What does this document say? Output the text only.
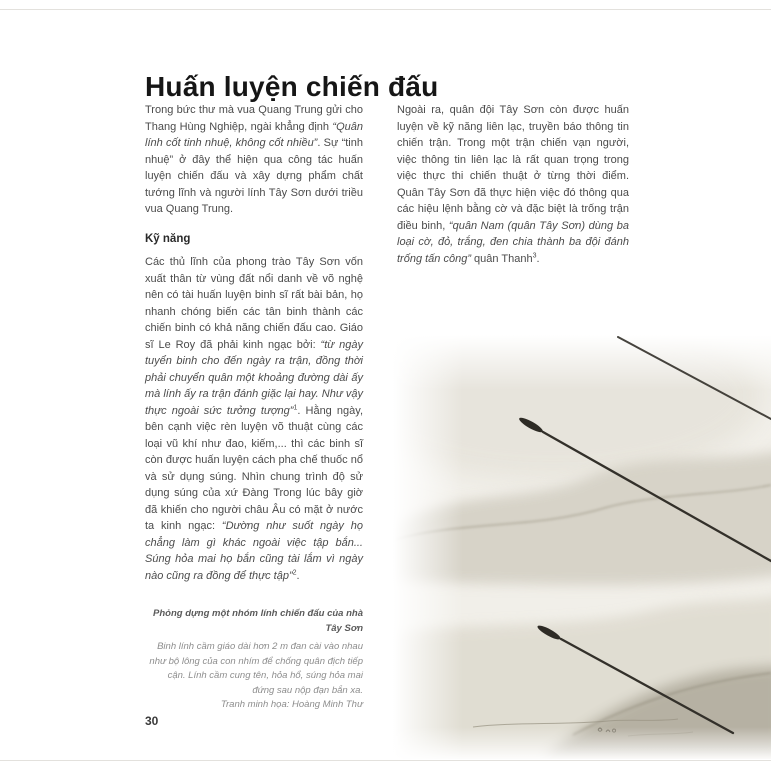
Huấn luyện chiến đấu

Trong bức thư mà vua Quang Trung gửi cho Thang Hùng Nghiệp, ngài khẳng định “Quân lính cốt tinh nhuệ, không cốt nhiều”. Sự “tinh nhuệ” ở đây thể hiện qua công tác huấn luyện chiến đấu và xây dựng phẩm chất tướng lĩnh và người lính Tây Sơn dưới triều vua Quang Trung.

Kỹ năng

Các thủ lĩnh của phong trào Tây Sơn vốn xuất thân từ vùng đất nổi danh về võ nghệ nên có tài huấn luyện binh sĩ rất bài bản, họ nhanh chóng biến các tân binh thành các chiến binh có khả năng chiến đấu cao. Giáo sĩ Le Roy đã phải kinh ngạc bởi: “từ ngày tuyển binh cho đến ngày ra trận, đồng thời phải chuyển quân một khoảng đường dài ấy mà lính ấy ra trận đánh giặc lại hay. Như vậy thực ngoài sức tưởng tượng”$^1$. Hằng ngày, bên cạnh việc rèn luyện võ thuật cùng các loại vũ khí như đao, kiếm,... thì các binh sĩ còn được huấn luyện cách pha chế thuốc nổ và sử dụng súng. Nhìn chung trình độ sử dụng súng của xứ Đàng Trong lúc bây giờ đã khiến cho người châu Âu có mặt ở nước ta kinh ngạc: “Dường như suốt ngày họ chẳng làm gì khác ngoài việc tập bắn... Súng hỏa mai họ bắn cũng tài lắm vì ngày nào cũng ra đồng để thực tập”$^2$.

Ngoài ra, quân đội Tây Sơn còn được huấn luyện về kỹ năng liên lạc, truyền báo thông tin chiến trận. Trong một trận chiến vạn người, việc thông tin liên lạc là rất quan trọng trong việc thực thi chiến thuật ở từng thời điểm. Quân Tây Sơn đã thực hiện việc đó thông qua các hiệu lệnh bằng cờ và đặc biệt là trống trận điều binh, “quân Nam (quân Tây Sơn) dùng ba loại cờ, đỏ, trắng, đen chia thành ba đội đánh trống tấn công” quân Thanh$^3$.

Phỏng dựng một nhóm lính chiến đấu của nhà Tây Sơn
Binh lính cầm giáo dài hơn 2 m đan cài vào nhau như bộ lông của con nhím để chống quân địch tiếp cận. Lính cầm cung tên, hỏa hổ, súng hỏa mai đứng sau nộp đạn bắn xa.
Tranh minh họa: Hoàng Minh Thư
30
